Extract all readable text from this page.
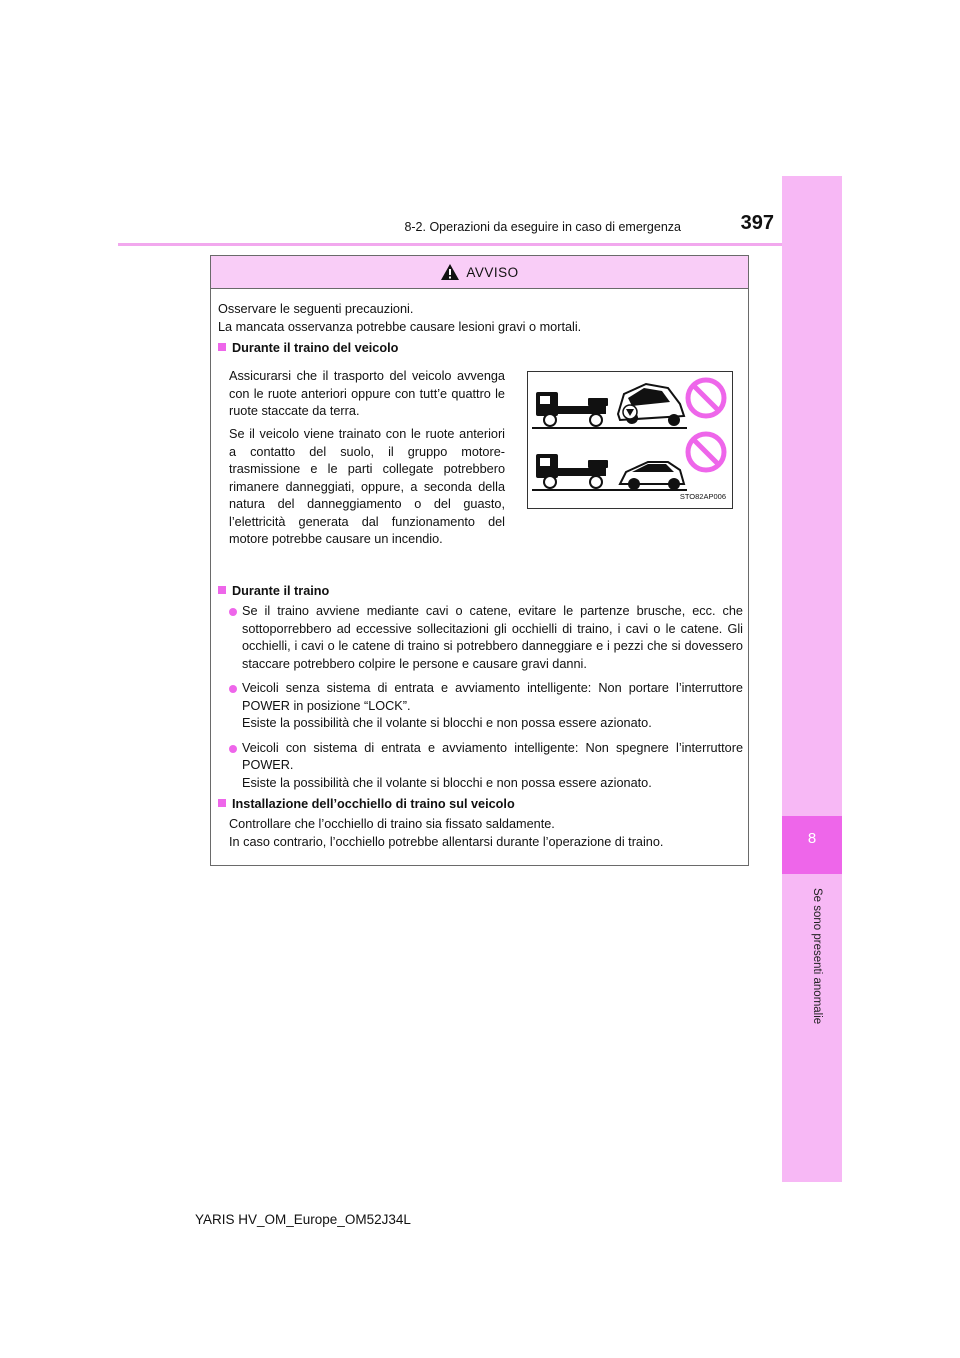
8
Se sono presenti anomalie
8-2. Operazioni da eseguire in caso di emergenza	397
AVVISO
Osservare le seguenti precauzioni.
La mancata osservanza potrebbe causare lesioni gravi o mortali.
Durante il traino del veicolo
Assicurarsi che il trasporto del veicolo avvenga con le ruote anteriori oppure con tutt’e quattro le ruote staccate da terra.
Se il veicolo viene trainato con le ruote anteriori a contatto del suolo, il gruppo motore-trasmissione e le parti collegate potrebbero rimanere danneggiati, oppure, a seconda della natura del danneggiamento o del guasto, l’elettricità generata dal funzionamento del motore potrebbe causare un incendio.
STO82AP006
Durante il traino
Se il traino avviene mediante cavi o catene, evitare le partenze brusche, ecc. che sottoporrebbero ad eccessive sollecitazioni gli occhielli di traino, i cavi o le catene. Gli occhielli, i cavi o le catene di traino si potrebbero danneggiare e i pezzi che si dovessero staccare potrebbero colpire le persone e causare gravi danni.
Veicoli senza sistema di entrata e avviamento intelligente: Non portare l’interruttore POWER in posizione “LOCK”.
Esiste la possibilità che il volante si blocchi e non possa essere azionato.
Veicoli con sistema di entrata e avviamento intelligente: Non spegnere l’interruttore POWER.
Esiste la possibilità che il volante si blocchi e non possa essere azionato.
Installazione dell’occhiello di traino sul veicolo
Controllare che l’occhiello di traino sia fissato saldamente.
In caso contrario, l’occhiello potrebbe allentarsi durante l’operazione di traino.
YARIS HV_OM_Europe_OM52J34L
